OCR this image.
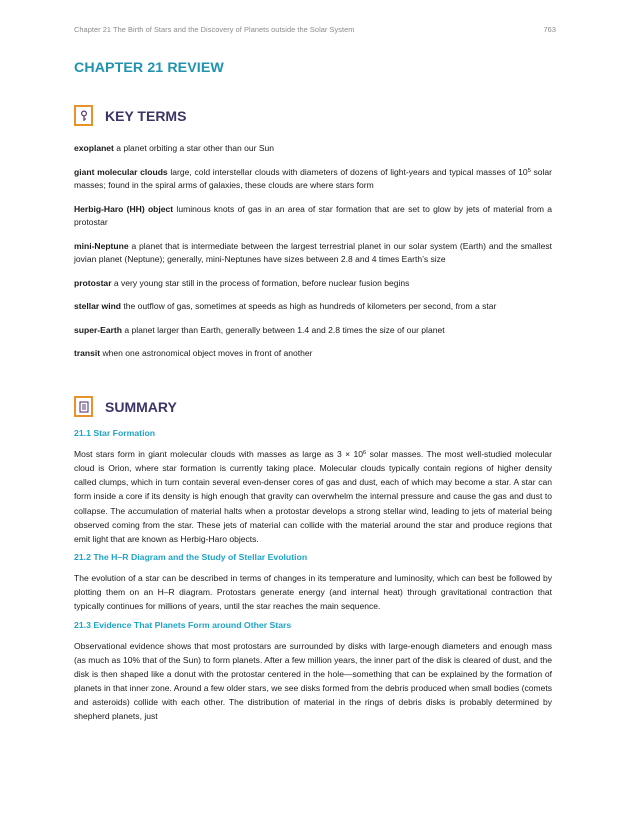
Chapter 21 The Birth of Stars and the Discovery of Planets outside the Solar System	763
CHAPTER 21 REVIEW
KEY TERMS

exoplanet a planet orbiting a star other than our Sun

giant molecular clouds large, cold interstellar clouds with diameters of dozens of light-years and typical masses of $10^5$ solar masses; found in the spiral arms of galaxies, these clouds are where stars form

Herbig-Haro (HH) object luminous knots of gas in an area of star formation that are set to glow by jets of material from a protostar

mini-Neptune a planet that is intermediate between the largest terrestrial planet in our solar system (Earth) and the smallest jovian planet (Neptune); generally, mini-Neptunes have sizes between 2.8 and 4 times Earth’s size

protostar a very young star still in the process of formation, before nuclear fusion begins

stellar wind the outflow of gas, sometimes at speeds as high as hundreds of kilometers per second, from a star

super-Earth a planet larger than Earth, generally between 1.4 and 2.8 times the size of our planet

transit when one astronomical object moves in front of another

SUMMARY
21.1 Star Formation

Most stars form in giant molecular clouds with masses as large as $3 \times 10^6$ solar masses. The most well-studied molecular cloud is Orion, where star formation is currently taking place. Molecular clouds typically contain regions of higher density called clumps, which in turn contain several even-denser cores of gas and dust, each of which may become a star. A star can form inside a core if its density is high enough that gravity can overwhelm the internal pressure and cause the gas and dust to collapse. The accumulation of material halts when a protostar develops a strong stellar wind, leading to jets of material being observed coming from the star. These jets of material can collide with the material around the star and produce regions that emit light that are known as Herbig-Haro objects.

21.2 The H–R Diagram and the Study of Stellar Evolution

The evolution of a star can be described in terms of changes in its temperature and luminosity, which can best be followed by plotting them on an H–R diagram. Protostars generate energy (and internal heat) through gravitational contraction that typically continues for millions of years, until the star reaches the main sequence.

21.3 Evidence That Planets Form around Other Stars

Observational evidence shows that most protostars are surrounded by disks with large-enough diameters and enough mass (as much as 10% that of the Sun) to form planets. After a few million years, the inner part of the disk is cleared of dust, and the disk is then shaped like a donut with the protostar centered in the hole—something that can be explained by the formation of planets in that inner zone. Around a few older stars, we see disks formed from the debris produced when small bodies (comets and asteroids) collide with each other. The distribution of material in the rings of debris disks is probably determined by shepherd planets, just
